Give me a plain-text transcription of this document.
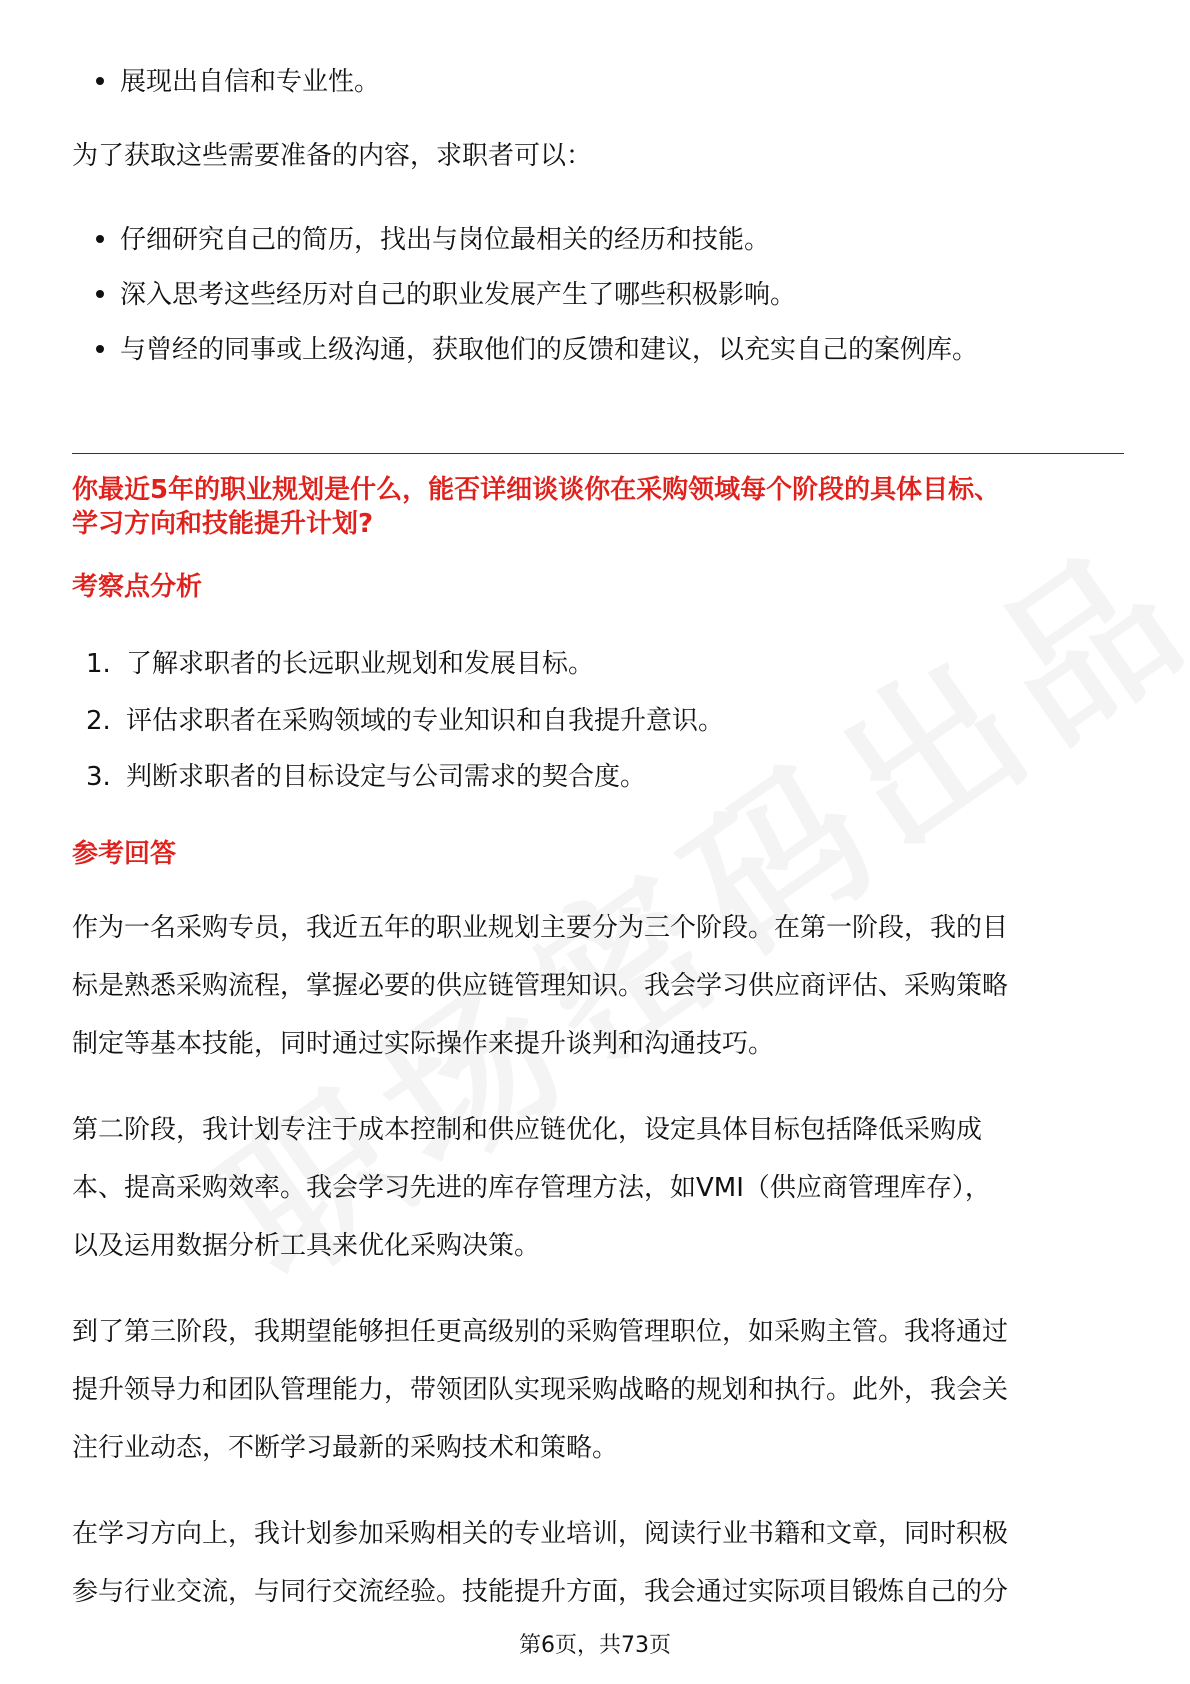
展现出自信和专业性。
为了获取这些需要准备的内容，求职者可以：
仔细研究自己的简历，找出与岗位最相关的经历和技能。
深入思考这些经历对自己的职业发展产生了哪些积极影响。
与曾经的同事或上级沟通，获取他们的反馈和建议，以充实自己的案例库。
你最近5年的职业规划是什么，能否详细谈谈你在采购领域每个阶段的具体目标、
学习方向和技能提升计划?
考察点分析
1. 了解求职者的长远职业规划和发展目标。
2. 评估求职者在采购领域的专业知识和自我提升意识。
3. 判断求职者的目标设定与公司需求的契合度。
参考回答
作为一名采购专员，我近五年的职业规划主要分为三个阶段。在第一阶段，我的目
标是熟悉采购流程，掌握必要的供应链管理知识。我会学习供应商评估、采购策略
制定等基本技能，同时通过实际操作来提升谈判和沟通技巧。
第二阶段，我计划专注于成本控制和供应链优化，设定具体目标包括降低采购成
本、提高采购效率。我会学习先进的库存管理方法，如VMI（供应商管理库存），
以及运用数据分析工具来优化采购决策。
到了第三阶段，我期望能够担任更高级别的采购管理职位，如采购主管。我将通过
提升领导力和团队管理能力，带领团队实现采购战略的规划和执行。此外，我会关
注行业动态，不断学习最新的采购技术和策略。
在学习方向上，我计划参加采购相关的专业培训，阅读行业书籍和文章，同时积极
参与行业交流，与同行交流经验。技能提升方面，我会通过实际项目锻炼自己的分
第6页，共73页
